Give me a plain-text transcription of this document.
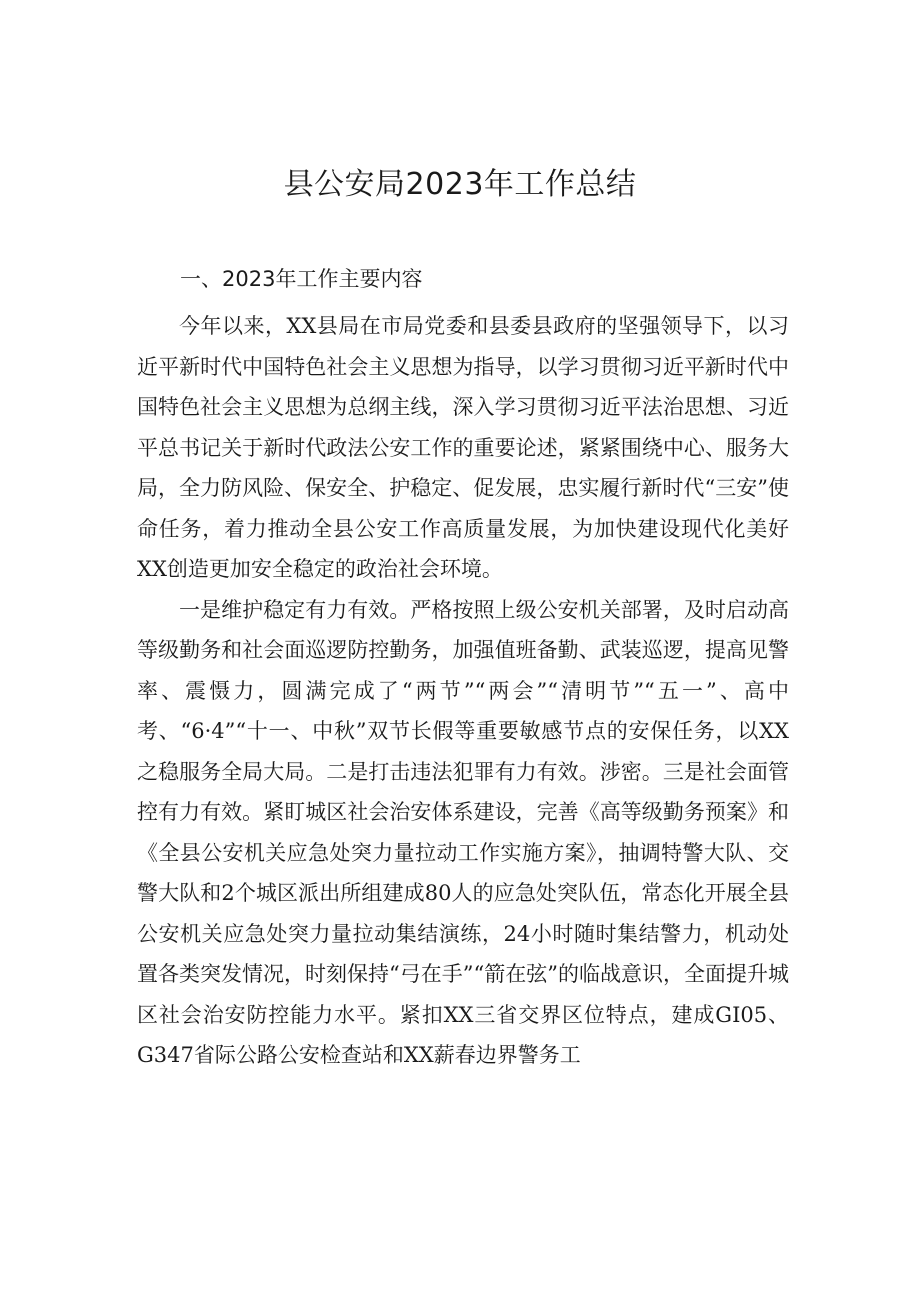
县公安局2023年工作总结
一、2023年工作主要内容

今年以来，XX县局在市局党委和县委县政府的坚强领导下，以习近平新时代中国特色社会主义思想为指导，以学习贯彻习近平新时代中国特色社会主义思想为总纲主线，深入学习贯彻习近平法治思想、习近平总书记关于新时代政法公安工作的重要论述，紧紧围绕中心、服务大局，全力防风险、保安全、护稳定、促发展，忠实履行新时代“三安”使命任务，着力推动全县公安工作高质量发展，为加快建设现代化美好XX创造更加安全稳定的政治社会环境。

一是维护稳定有力有效。严格按照上级公安机关部署，及时启动高等级勤务和社会面巡逻防控勤务，加强值班备勤、武装巡逻，提高见警率、震慑力，圆满完成了“两节”“两会”“清明节”“五一”、高中考、“6·4”“十一、中秋”双节长假等重要敏感节点的安保任务，以XX之稳服务全局大局。二是打击违法犯罪有力有效。涉密。三是社会面管控有力有效。紧盯城区社会治安体系建设，完善《高等级勤务预案》和《全县公安机关应急处突力量拉动工作实施方案》，抽调特警大队、交警大队和2个城区派出所组建成80人的应急处突队伍，常态化开展全县公安机关应急处突力量拉动集结演练，24小时随时集结警力，机动处置各类突发情况，时刻保持“弓在手”“箭在弦”的临战意识，全面提升城区社会治安防控能力水平。紧扣XX三省交界区位特点，建成GI05、G347省际公路公安检查站和XX薪春边界警务工
